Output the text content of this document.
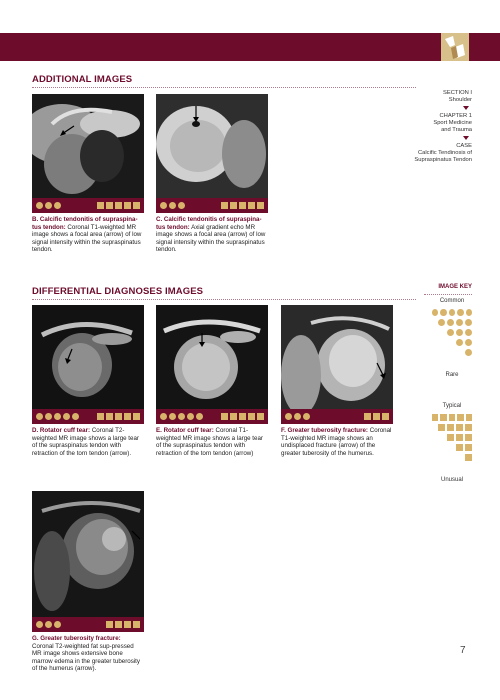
ADDITIONAL IMAGES
SECTION I
Shoulder
CHAPTER 1
Sport Medicine
and Trauma
CASE
Calcific Tendinosis of
Supraspinatus Tendon
B. Calcific tendonitis of supraspina-tus tendon: Coronal T1-weighted MR image shows a focal area (arrow) of low signal intensity within the supraspinatus tendon.
C. Calcific tendonitis of supraspina-tus tendon: Axial gradient echo MR image shows a focal area (arrow) of low signal intensity within the supraspinatus tendon.
DIFFERENTIAL DIAGNOSES IMAGES	IMAGE KEY
Common
Rare
Typical
Unusual
D. Rotator cuff tear: Coronal T2-weighted MR image shows a large tear of the supraspinatus tendon with retraction of the torn tendon (arrow).
E. Rotator cuff tear: Coronal T1-weighted MR image shows a large tear of the supraspinatus tendon with retraction of the torn tendon (arrow)
F. Greater tuberosity fracture: Coronal T1-weighted MR image shows an undisplaced fracture (arrow) of the greater tuberosity of the humerus.
G. Greater tuberosity fracture: Coronal T2-weighted fat sup-pressed MR image shows extensive bone marrow edema in the greater tuberosity of the humerus (arrow).
7
